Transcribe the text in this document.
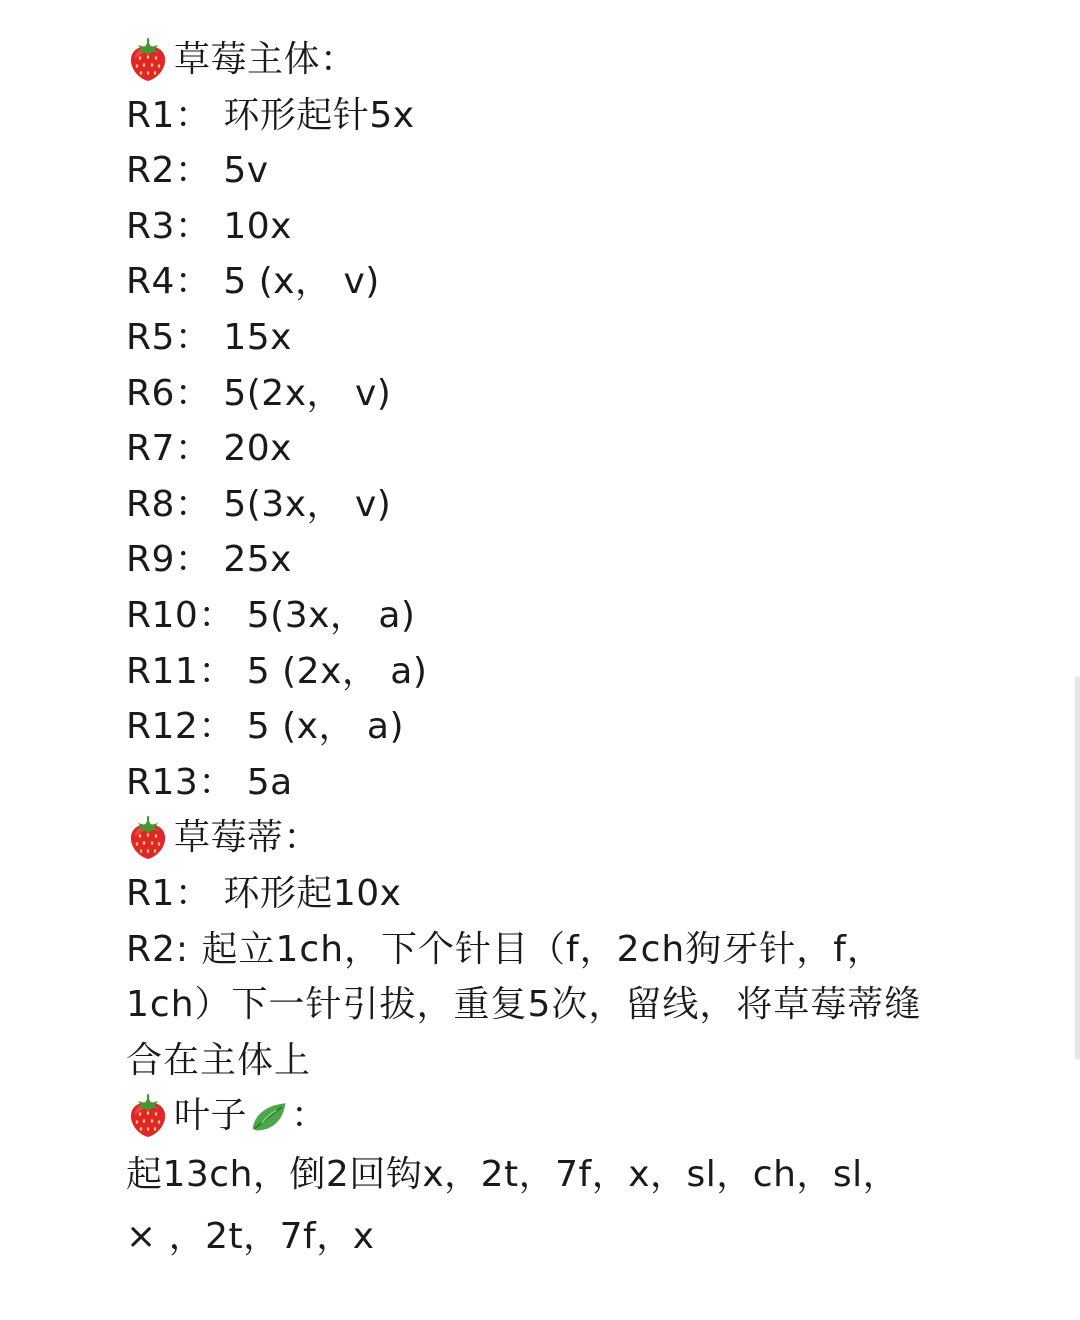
草莓主体：
R1： 环形起针5x
R2： 5v
R3： 10x
R4： 5 (x， v)
R5： 15x
R6： 5(2x， v)
R7： 20x
R8： 5(3x， v)
R9： 25x
R10： 5(3x， a)
R11： 5 (2x， a)
R12： 5 (x， a)
R13： 5a
草莓蒂：
R1： 环形起10x
R2: 起立1ch，下个针目（f，2ch狗牙针，f，
1ch）下一针引拔，重复5次，留线，将草莓蒂缝
合在主体上
叶子 ：
起13ch，倒2回钩x，2t，7f，x，sl，ch，sl，
× ，2t，7f，x
